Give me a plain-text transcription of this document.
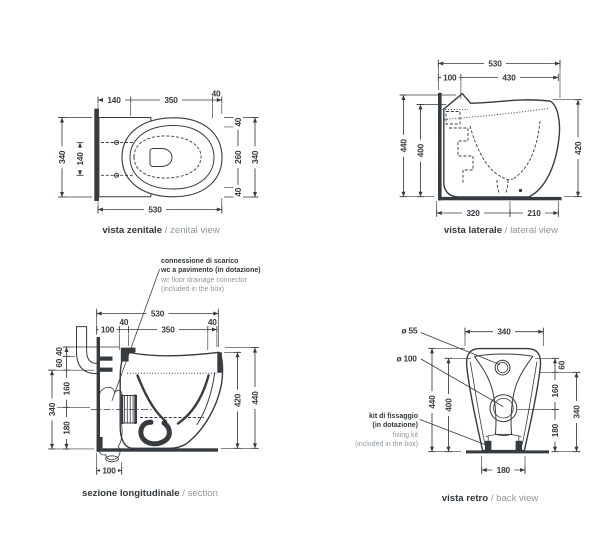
140	350
40
530
340 140
40
260
40
340
530
100	430
440 400	420
320	210
530
100
40
350
40
40
60
160
180
340
420 440
100
ø 55
ø 100
340
440 400
60
160
180
340
180
vista zenitale / zenital view	vista laterale / lateral view
sezione longitudinale / section	vista retro / back view
connessione di scarico
wc a pavimento (in dotazione)
wc floor drainage connector
(included in the box)
kit di fissaggio
(in dotazione)
fixing kit
(included in the box)
